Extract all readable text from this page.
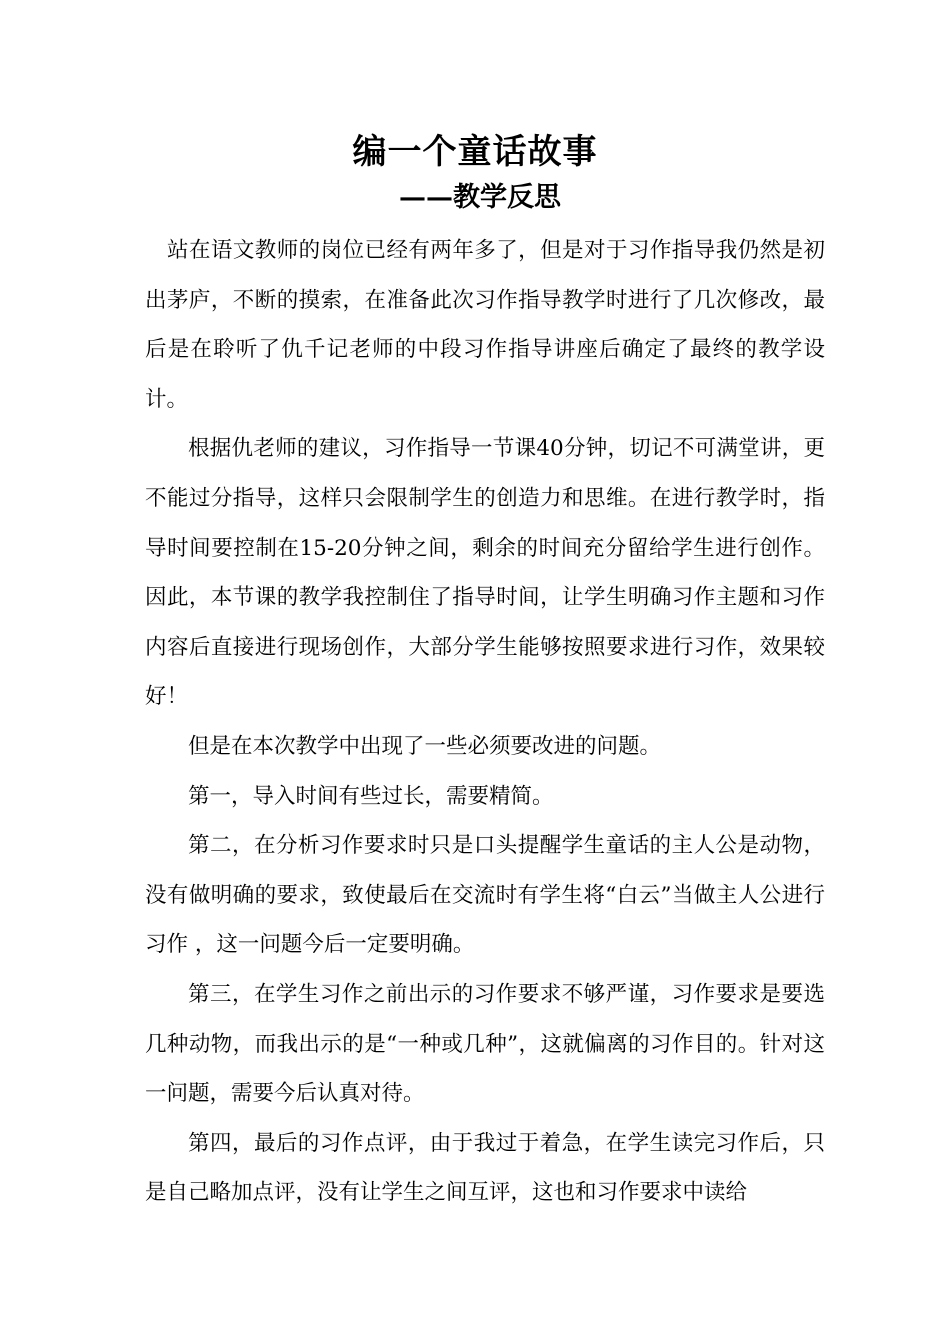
编一个童话故事
——教学反思

站在语文教师的岗位已经有两年多了，但是对于习作指导我仍然是初出茅庐，不断的摸索，在准备此次习作指导教学时进行了几次修改，最后是在聆听了仇千记老师的中段习作指导讲座后确定了最终的教学设计。

根据仇老师的建议，习作指导一节课40分钟，切记不可满堂讲，更不能过分指导，这样只会限制学生的创造力和思维。在进行教学时，指导时间要控制在15-20分钟之间，剩余的时间充分留给学生进行创作。因此，本节课的教学我控制住了指导时间，让学生明确习作主题和习作内容后直接进行现场创作，大部分学生能够按照要求进行习作，效果较好！

但是在本次教学中出现了一些必须要改进的问题。

第一，导入时间有些过长，需要精简。

第二，在分析习作要求时只是口头提醒学生童话的主人公是动物，没有做明确的要求，致使最后在交流时有学生将“白云”当做主人公进行习作 ，这一问题今后一定要明确。

第三，在学生习作之前出示的习作要求不够严谨，习作要求是要选几种动物，而我出示的是“一种或几种”，这就偏离的习作目的。针对这一问题，需要今后认真对待。

第四，最后的习作点评，由于我过于着急，在学生读完习作后，只是自己略加点评，没有让学生之间互评，这也和习作要求中读给
